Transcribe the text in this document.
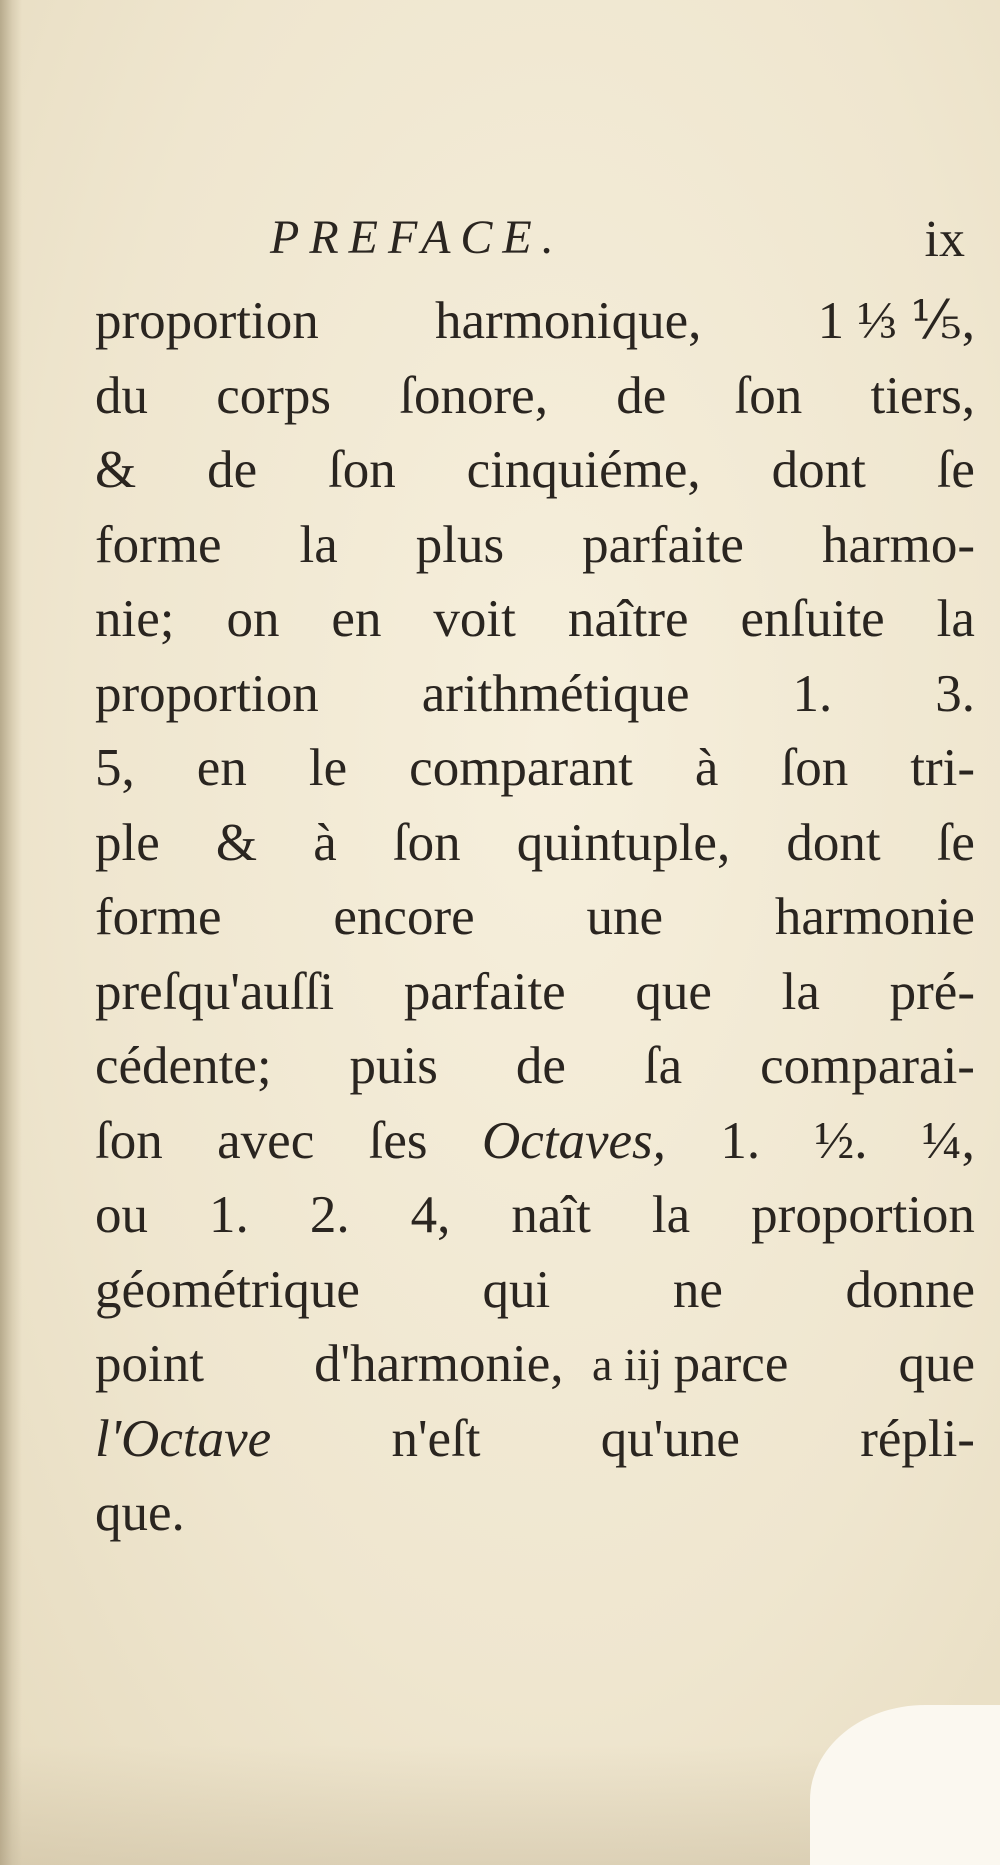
PREFACE.	ix
proportion harmonique, 1 ⅓ ⅕,
du corps ſonore, de ſon tiers,
& de ſon cinquiéme, dont ſe
forme la plus parfaite harmo-
nie; on en voit naître enſuite la
proportion arithmétique 1. 3.
5, en le comparant à ſon tri-
ple & à ſon quintuple, dont ſe
forme encore une harmonie
preſqu'auſſi parfaite que la pré-
cédente; puis de ſa comparai-
ſon avec ſes Octaves, 1. ½. ¼,
ou 1. 2. 4, naît la proportion
géométrique qui ne donne
point d'harmonie, parce que
l'Octave n'eſt qu'une répli-
que.
a iij
